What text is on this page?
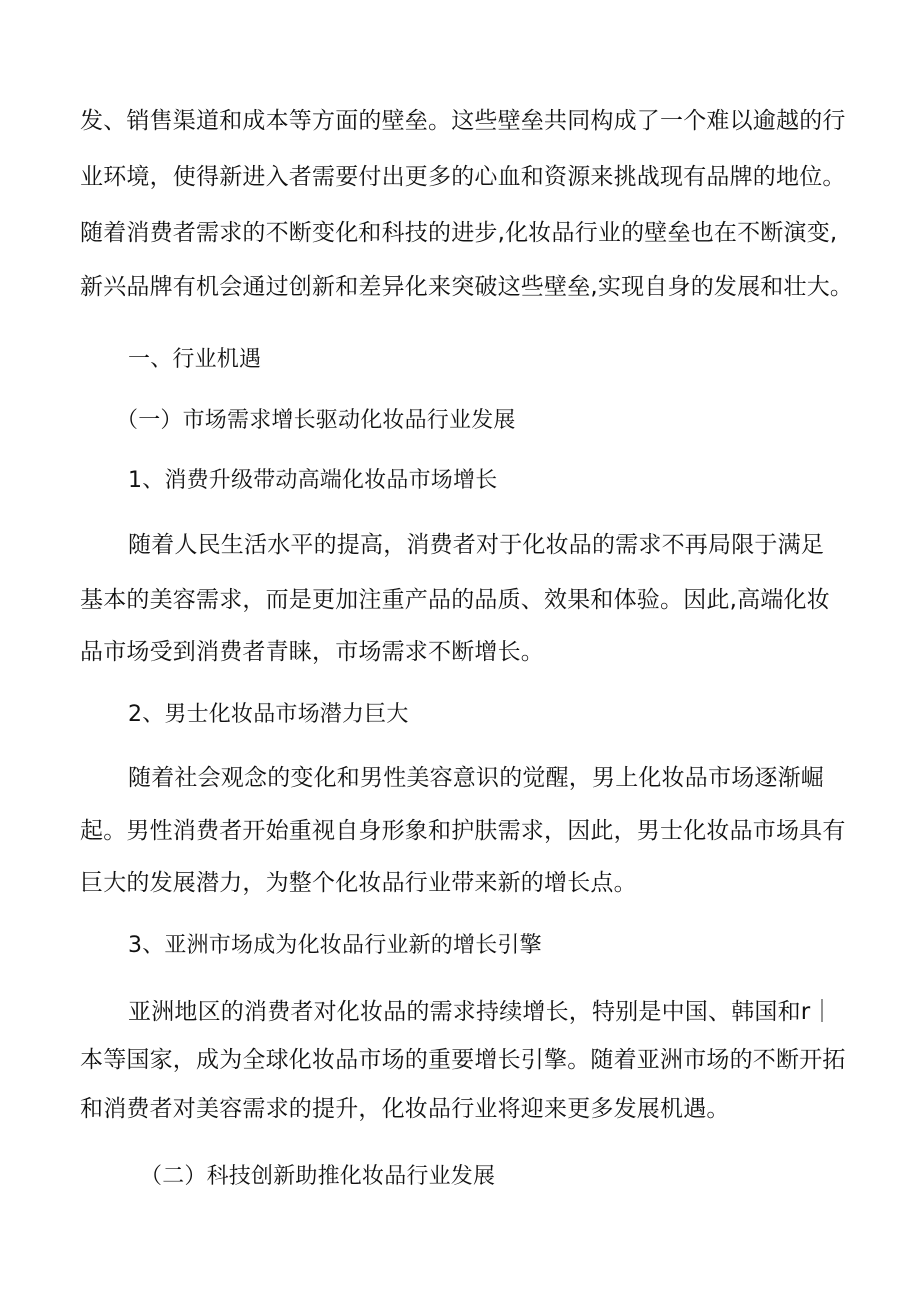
发、销售渠道和成本等方面的壁垒。这些壁垒共同构成了一个难以逾越的行
业环境，使得新进入者需要付出更多的心血和资源来挑战现有品牌的地位。
随着消费者需求的不断变化和科技的进步,化妆品行业的壁垒也在不断演变,
新兴品牌有机会通过创新和差异化来突破这些壁垒,实现自身的发展和壮大。
一、行业机遇
（一）市场需求增长驱动化妆品行业发展
1、消费升级带动高端化妆品市场增长
随着人民生活水平的提高，消费者对于化妆品的需求不再局限于满足
基本的美容需求，而是更加注重产品的品质、效果和体验。因此,高端化妆
品市场受到消费者青睐，市场需求不断增长。
2、男士化妆品市场潜力巨大
随着社会观念的变化和男性美容意识的觉醒，男上化妆品市场逐渐崛
起。男性消费者开始重视自身形象和护肤需求，因此，男士化妆品市场具有
巨大的发展潜力，为整个化妆品行业带来新的增长点。
3、亚洲市场成为化妆品行业新的增长引擎
亚洲地区的消费者对化妆品的需求持续增长，特别是中国、韩国和r｜
本等国家，成为全球化妆品市场的重要增长引擎。随着亚洲市场的不断开拓
和消费者对美容需求的提升，化妆品行业将迎来更多发展机遇。
（二）科技创新助推化妆品行业发展
